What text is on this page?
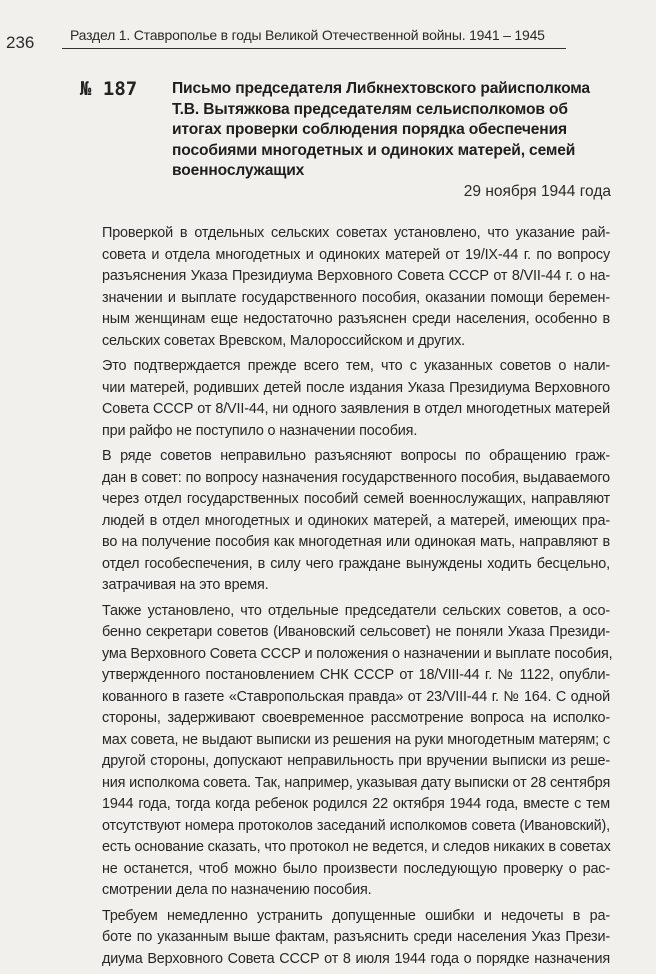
236	Раздел 1. Ставрополье в годы Великой Отечественной войны. 1941 – 1945
№ 187 Письмо председателя Либкнехтовского райисполкома Т.В. Вытяжкова председателям сельисполкомов об итогах проверки соблюдения порядка обеспечения пособиями многодетных и одиноких матерей, семей военнослужащих
29 ноября 1944 года

Проверкой в отдельных сельских советах установлено, что указание рай-
совета и отдела многодетных и одиноких матерей от 19/IX-44 г. по вопросу
разъяснения Указа Президиума Верховного Совета СССР от 8/VII-44 г. о на-
значении и выплате государственного пособия, оказании помощи беремен-
ным женщинам еще недостаточно разъяснен среди населения, особенно в
сельских советах Вревском, Малороссийском и других.

Это подтверждается прежде всего тем, что с указанных советов о нали-
чии матерей, родивших детей после издания Указа Президиума Верховного
Совета СССР от 8/VII-44, ни одного заявления в отдел многодетных матерей
при райфо не поступило о назначении пособия.

В ряде советов неправильно разъясняют вопросы по обращению граж-
дан в совет: по вопросу назначения государственного пособия, выдаваемого
через отдел государственных пособий семей военнослужащих, направляют
людей в отдел многодетных и одиноких матерей, а матерей, имеющих пра-
во на получение пособия как многодетная или одинокая мать, направляют в
отдел гособеспечения, в силу чего граждане вынуждены ходить бесцельно,
затрачивая на это время.

Также установлено, что отдельные председатели сельских советов, а осо-
бенно секретари советов (Ивановский сельсовет) не поняли Указа Президи-
ума Верховного Совета СССР и положения о назначении и выплате пособия,
утвержденного постановлением СНК СССР от 18/VIII-44 г. № 1122, опубли-
кованного в газете «Ставропольская правда» от 23/VIII-44 г. № 164. С одной
стороны, задерживают своевременное рассмотрение вопроса на исполко-
мах совета, не выдают выписки из решения на руки многодетным матерям; с
другой стороны, допускают неправильность при вручении выписки из реше-
ния исполкома совета. Так, например, указывая дату выписки от 28 сентября
1944 года, тогда когда ребенок родился 22 октября 1944 года, вместе с тем
отсутствуют номера протоколов заседаний исполкомов совета (Ивановский),
есть основание сказать, что протокол не ведется, и следов никаких в советах
не останется, чтоб можно было произвести последующую проверку о рас-
смотрении дела по назначению пособия.

Требуем немедленно устранить допущенные ошибки и недочеты в ра-
боте по указанным выше фактам, разъяснить среди населения Указ Прези-
диума Верховного Совета СССР от 8 июля 1944 года о порядке назначения
